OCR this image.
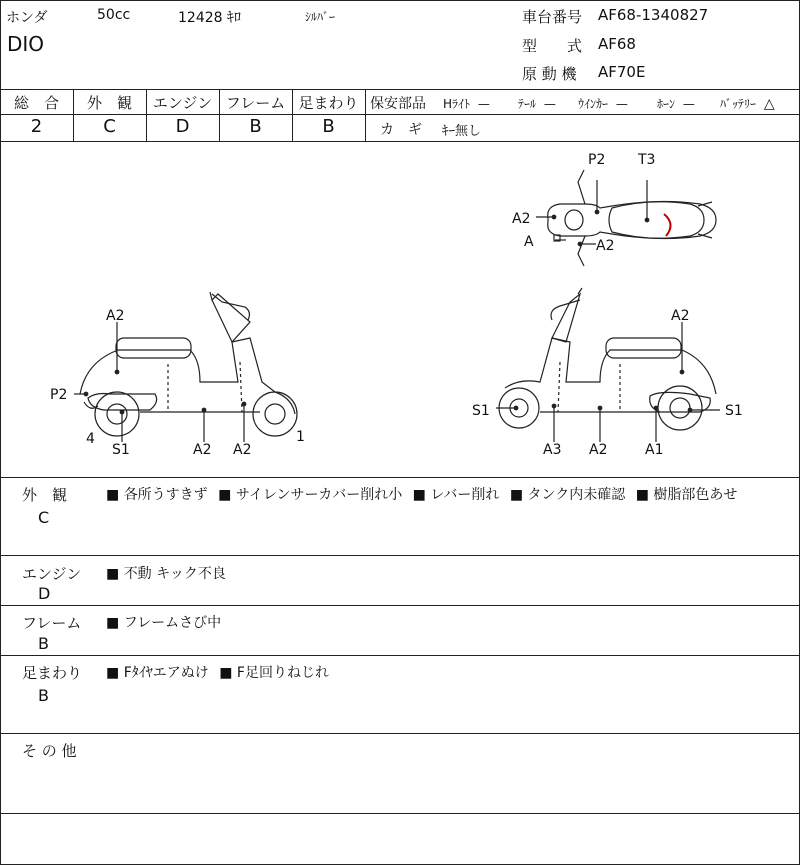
ホンダ	50cc	12428 ｷﾛ	ｼﾙﾊﾞｰ
DIO
車台番号 AF68-1340827
型　　式 AF68
原 動 機 AF70E
総　合	外　観	エンジン フレーム 足まわり
2	C	D	B	B
保安部品 Hﾗｲﾄ — ﾃｰﾙ — ｳｲﾝｶｰ — ﾎｰﾝ — ﾊﾞｯﾃﾘｰ △
カ　ギ ｷｰ無し
P2 T3
A2
A	A2
A2
P2
4
S1	A2 A2
1
A2
S1	S1
A3 A2	A1
外　観
C
■ 各所うすきず ■ サイレンサーカバー削れ小 ■ レバー削れ ■ タンク内未確認 ■ 樹脂部色あせ
エンジン
D
■ 不動 キック不良
フレーム
B
■ フレームさび中
足まわり
B
■ Fﾀｲﾔエアぬけ ■ F足回りねじれ
そ の 他
